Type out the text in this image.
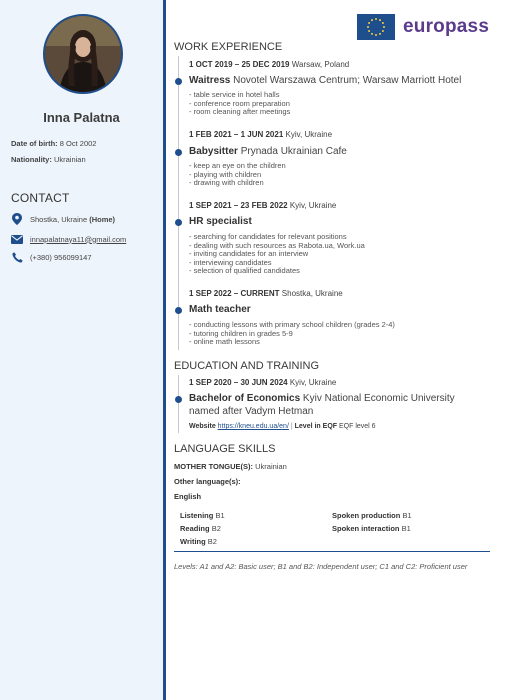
Inna Palatna
Date of birth: 8 Oct 2002
Nationality: Ukrainian
CONTACT
Shostka, Ukraine
(Home)
innapalatnaya11@gmail.com
(+380) 956099147
europass
WORK EXPERIENCE
1 OCT 2019 – 25 DEC 2019 Warsaw, Poland
Waitress Novotel Warszawa Centrum; Warsaw Marriott Hotel
- table service in hotel halls
- conference room preparation
- room cleaning after meetings
1 FEB 2021 – 1 JUN 2021 Kyiv, Ukraine
Babysitter Prynada Ukrainian Cafe
- keep an eye on the children
- playing with children
- drawing with children
1 SEP 2021 – 23 FEB 2022 Kyiv, Ukraine
HR specialist
- searching for candidates for relevant positions
- dealing with such resources as Rabota.ua, Work.ua
- inviting candidates for an interview
- interviewing candidates
- selection of qualified candidates
1 SEP 2022 – CURRENT Shostka, Ukraine
Math teacher
- conducting lessons with primary school children (grades 2-4)
- tutoring children in grades 5-9
- online math lessons
EDUCATION AND TRAINING
1 SEP 2020 – 30 JUN 2024 Kyiv, Ukraine
Bachelor of Economics Kyiv National Economic University
named after Vadym Hetman
Website https://kneu.edu.ua/en/ | Level in EQF EQF level 6
LANGUAGE SKILLS
MOTHER TONGUE(S): Ukrainian
Other language(s):
English
Listening B1
Reading B2
Writing B2
Spoken production B1
Spoken interaction B1
Levels: A1 and A2: Basic user; B1 and B2: Independent user; C1 and C2: Proficient user
